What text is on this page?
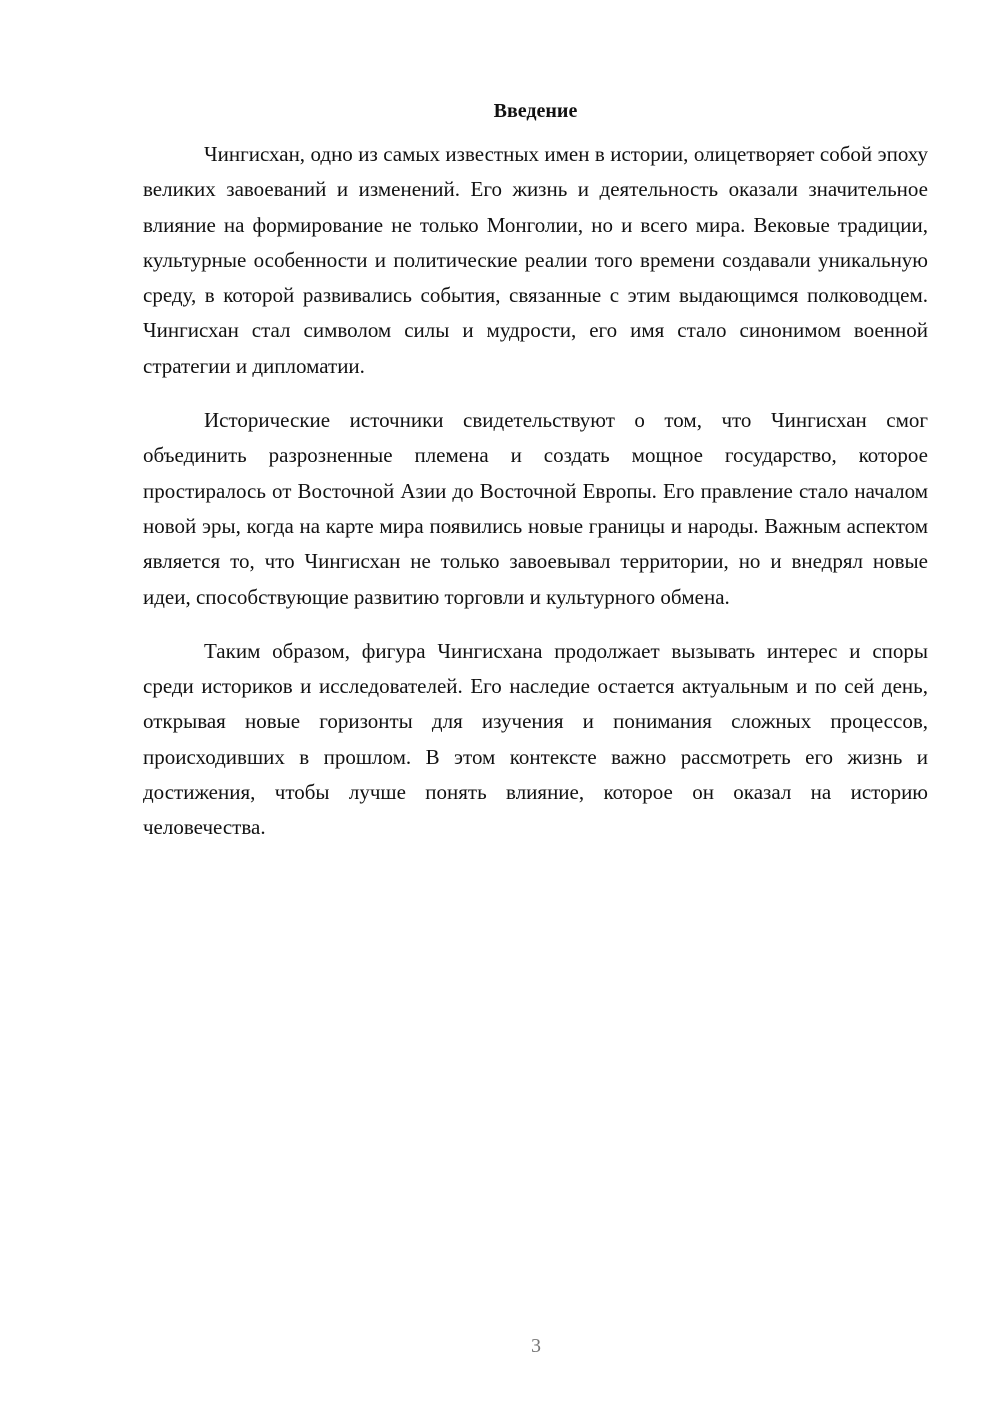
Введение

Чингисхан, одно из самых известных имен в истории, олицетворяет собой эпоху великих завоеваний и изменений. Его жизнь и деятельность оказали значительное влияние на формирование не только Монголии, но и всего мира. Вековые традиции, культурные особенности и политические реалии того времени создавали уникальную среду, в которой развивались события, связанные с этим выдающимся полководцем. Чингисхан стал символом силы и мудрости, его имя стало синонимом военной стратегии и дипломатии.

Исторические источники свидетельствуют о том, что Чингисхан смог объединить разрозненные племена и создать мощное государство, которое простиралось от Восточной Азии до Восточной Европы. Его правление стало началом новой эры, когда на карте мира появились новые границы и народы. Важным аспектом является то, что Чингисхан не только завоевывал территории, но и внедрял новые идеи, способствующие развитию торговли и культурного обмена.

Таким образом, фигура Чингисхана продолжает вызывать интерес и споры среди историков и исследователей. Его наследие остается актуальным и по сей день, открывая новые горизонты для изучения и понимания сложных процессов, происходивших в прошлом. В этом контексте важно рассмотреть его жизнь и достижения, чтобы лучше понять влияние, которое он оказал на историю человечества.

3
